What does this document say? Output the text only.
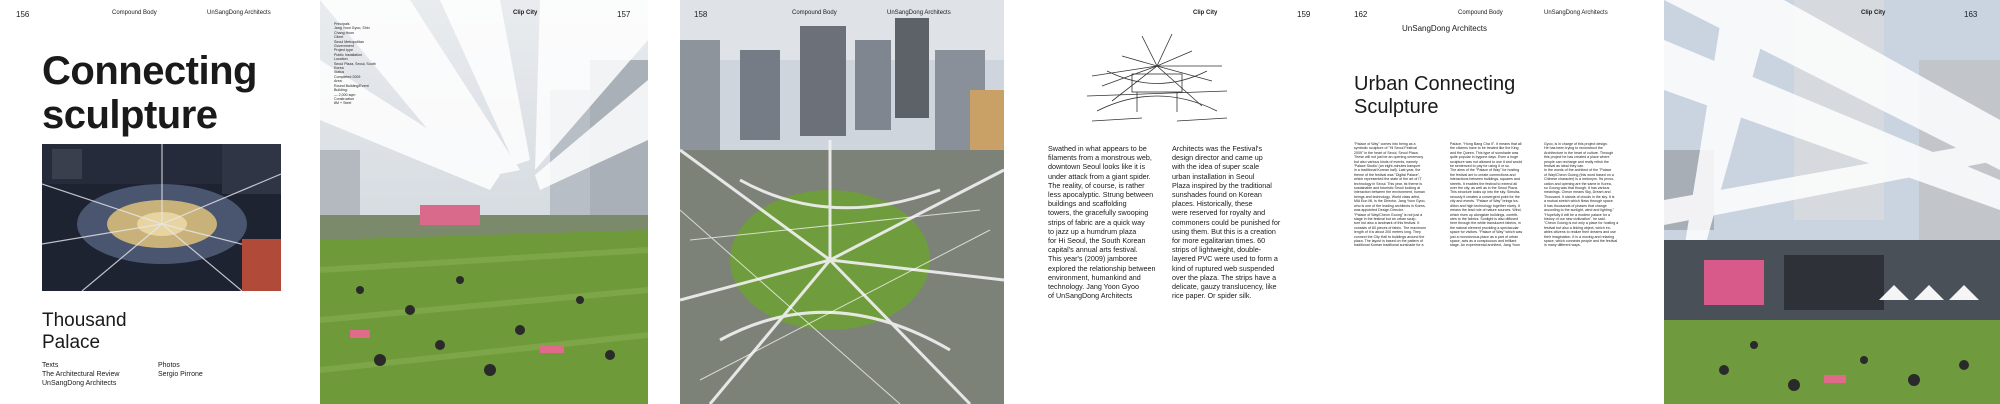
156	Compound Body	UnSangDong Architects
Connecting
sculpture
Thousand
Palace
Texts
The Architectural Review
UnSangDong Architects
Photos
Sergio Pirrone
Principals
Jang Yoon Gyoo, Shin
Chang Hoon
Client
Seoul Metropolitan
Government
Project type
Public Installation
Location
Seoul Plaza, Seoul, South
Korea
Status
Completed 2009
Area
Round Building/Event
Building:
— 2,000 sqm
Construction
8M + Steel
Clip City	157	158	Compound Body	UnSangDong Architects	Clip City	159
Swathed in what appears to be
filaments from a monstrous web,
downtown Seoul looks like it is
under attack from a giant spider.
The reality, of course, is rather
less apocalyptic. Strung between
buildings and scaffolding
towers, the gracefully swooping
strips of fabric are a quick way
to jazz up a humdrum plaza
for Hi Seoul, the South Korean
capital's annual arts festival.
This year's (2009) jamboree
explored the relationship between
environment, humankind and
technology. Jang Yoon Gyoo
of UnSangDong Architects
Architects was the Festival's
design director and came up
with the idea of super scale
urban installation in Seoul
Plaza inspired by the traditional
sunshades found on Korean
places. Historically, these
were reserved for royalty and
commoners could be punished for
using them. But this is a creation
for more egalitarian times. 60
strips of lightweight, double-
layered PVC were used to form a
kind of ruptured web suspended
over the plaza. The strips have a
delicate, gauzy translucency, like
rice paper. Or spider silk.
162	Compound Body	UnSangDong Architects
UnSangDong Architects
Urban Connecting
Sculpture
"Palace of Way" comes into being as a
symbolic sculpture of "Hi Seoul Festival
2009" in the heart of Seoul, Seoul Plaza.
These will not just be an opening ceremony
but also various kinds of events, namely
'Palace Studio' (an eight-minutes banquet
in a traditional Korean hall). Last year, the
theme of the festival was "Digital Palace",
which represented the state of the art of IT
technology in Seoul. This year, its theme is
sustainable and futuristic Seoul looking at
interaction between the environment, human
beings and technology. World class artist,
MiA Eun Mi, is the Director, Jang Yoon Gyoo,
who is one of the leading architects in Korea,
was appointed Design Director.
"Palace of Way/Cheon Goong" is not just a
stage in the festival but an urban sculp-
ture but also a landmark of this festival. It
consists of 60 pieces of fabric. The maximum
length of it is about 200 meters long. They
connect the City Hall to buildings around the
plaza. The layout is based on the pattern of
traditional Korean traditional sunshade for a
Palace, "Hong Bang Cha II". It means that all
the citizens have to be treated like the King
and the Queen. This type of sunshade was
quite popular in bygone days. Even a huge
sculpture was not allowed to use it and would
be sentenced to pay for using it or so.
The aims of the "Palace of Way" for hosting
the festival are to create connections and
interactions between buildings, squares and
streets. It enables the festival to extend all
over the city, as well as in the Seoul Plaza.
This structure looks up into the sky. Simulta-
neously it creates a convergent point for the
city and events. "Palace of Way" brings tra-
dition and high technology together nicely. It
means the lead role of nature sources. Wind,
which rises up alongside buildings, contrib-
utes to the fabrics. Sunlight is also diffused
here through the white translucent fabrics, in
the natural element providing a spectacular
space for visitors. "Palace of Way" which was
just a monotonous place as a part of urban
space, acts as a conspicuous and brilliant
stage. An experimental architect, Jang Yoon
Gyoo, is in charge of this project design.
He has been trying to reconstruct the
Architecture in the heart of culture. Through
this project he has created a place where
people can recharge and really relish the
festival as ideal they can.
In the words of the architect of the "Palace
of Way/Cheon Goong (this word based on a
Chinese character) is a metonym. 'Its provo-
cation and opening are the same in Korea,
so Goong was that though. It has various
meanings. Cheon means Sky, Dream and
Thousand. It stands of clouds in the sky. It is
a mutual stretch which flows through space.
It has thousands of phases that change
according to the sunlight, wind and lighting."
"Hopefully it will be a modern palace for a
history of our new civilization". he said.
"Cheon Goong is not only a place for hosting a
festival but also a linking object, which en-
ables citizens to realize their dreams and use
their imagination. It is a moving and relaxing
space, which connects people and the festival
in many different ways.
Clip City	163
